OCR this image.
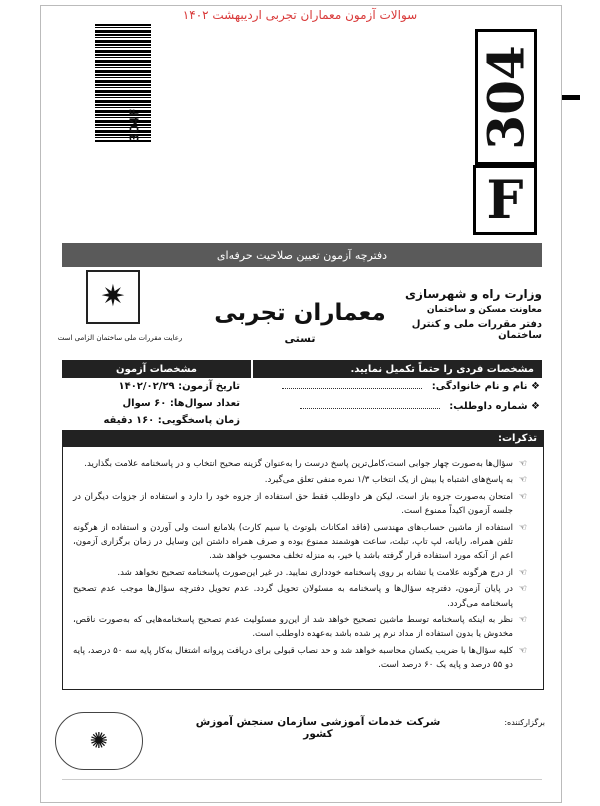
سوالات آزمون معماران تجربی اردیبهشت ۱۴۰۲
304F	304
F
دفترچه آزمون تعیین صلاحیت حرفه‌ای
وزارت راه و شهرسازی
معاونت مسکن و ساختمان
دفتر مقررات ملی و کنترل ساختمان
معماران تجربی
تستی
✷
رعایت مقررات ملی ساختمان الزامی است
مشخصات فردی را حتماً تکمیل نمایید.
مشخصات آزمون
❖ نام و نام خانوادگی:
❖ شماره داوطلب:
تاریخ آزمون: ۱۴۰۲/۰۲/۲۹
تعداد سوال‌ها: ۶۰ سوال
زمان پاسخگویی: ۱۶۰ دقیقه
تذکرات:
☜
سؤال‌ها به‌صورت چهار جوابی است،کامل‌ترین پاسخ درست را به‌عنوان گزینه صحیح انتخاب و در پاسخنامه علامت بگذارید.
☜
به پاسخ‌های اشتباه یا بیش از یک انتخاب ۱/۳ نمره منفی تعلق می‌گیرد.
☜
امتحان به‌صورت جزوه باز است، لیکن هر داوطلب فقط حق استفاده از جزوه خود را دارد و استفاده از جزوات دیگران در جلسه آزمون اکیداً ممنوع است.
☜
استفاده از ماشین حساب‌های مهندسی (فاقد امکانات بلوتوث یا سیم کارت) بلامانع است ولی آوردن و استفاده از هرگونه تلفن همراه، رایانه، لپ تاپ، تبلت، ساعت هوشمند ممنوع بوده و صرف همراه داشتن این وسایل در زمان برگزاری آزمون، اعم از آنکه مورد استفاده قرار گرفته باشد یا خیر، به منزله تخلف محسوب خواهد شد.
☜
از درج هرگونه علامت یا نشانه بر روی پاسخنامه خودداری نمایید. در غیر این‌صورت پاسخنامه تصحیح نخواهد شد.
☜
در پایان آزمون، دفترچه سؤال‌ها و پاسخنامه به مسئولان تحویل گردد. عدم تحویل دفترچه سؤال‌ها موجب عدم تصحیح پاسخنامه می‌گردد.
☜
نظر به اینکه پاسخنامه توسط ماشین تصحیح خواهد شد از این‌رو مسئولیت عدم تصحیح پاسخنامه‌هایی که به‌صورت ناقص، مخدوش یا بدون استفاده از مداد نرم پر شده باشد به‌عهده داوطلب است.
☜
کلیه سؤال‌ها با ضریب یکسان محاسبه خواهد شد و حد نصاب قبولی برای دریافت پروانه اشتغال به‌کار پایه سه ۵۰ درصد، پایه دو ۵۵ درصد و پایه یک ۶۰ درصد است.
برگزارکننده:
شرکت خدمات آموزشی سازمان سنجش آموزش کشور
✺
